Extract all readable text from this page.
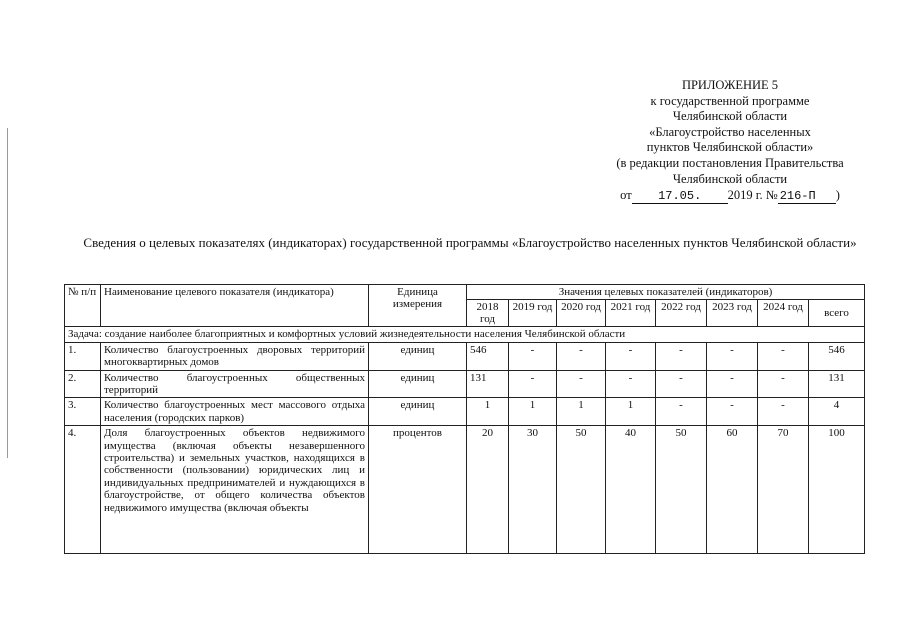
ПРИЛОЖЕНИЕ 5
к государственной программе
Челябинской области
«Благоустройство населенных
пунктов Челябинской области»
(в редакции постановления Правительства
Челябинской области
от 17.05. 2019 г. № 216-П )
Сведения о целевых показателях (индикаторах) государственной программы «Благоустройство населенных пунктов Челябинской области»
№ п/п	Наименование целевого показателя (индикатора)	Единица измерения	Значения целевых показателей (индикаторов)							
			2018 год	2019 год	2020 год	2021 год	2022 год	2023 год	2024 год	всего
Задача: создание наиболее благоприятных и комфортных условий жизнедеятельности населения Челябинской области										
1.	Количество благоустроенных дворовых территорий многоквартирных домов	единиц	546	-	-	-	-	-	-	546
2.	Количество благоустроенных общественных территорий	единиц	131	-	-	-	-	-	-	131
3.	Количество благоустроенных мест массового отдыха населения (городских парков)	единиц	1	1	1	1	-	-	-	4
4.	Доля благоустроенных объектов недвижимого имущества (включая объекты незавершенного строительства) и земельных участков, находящихся в собственности (пользовании) юридических лиц и индивидуальных предпринимателей и нуждающихся в благоустройстве, от общего количества объектов недвижимого имущества (включая объекты	процентов	20	30	50	40	50	60	70	100
